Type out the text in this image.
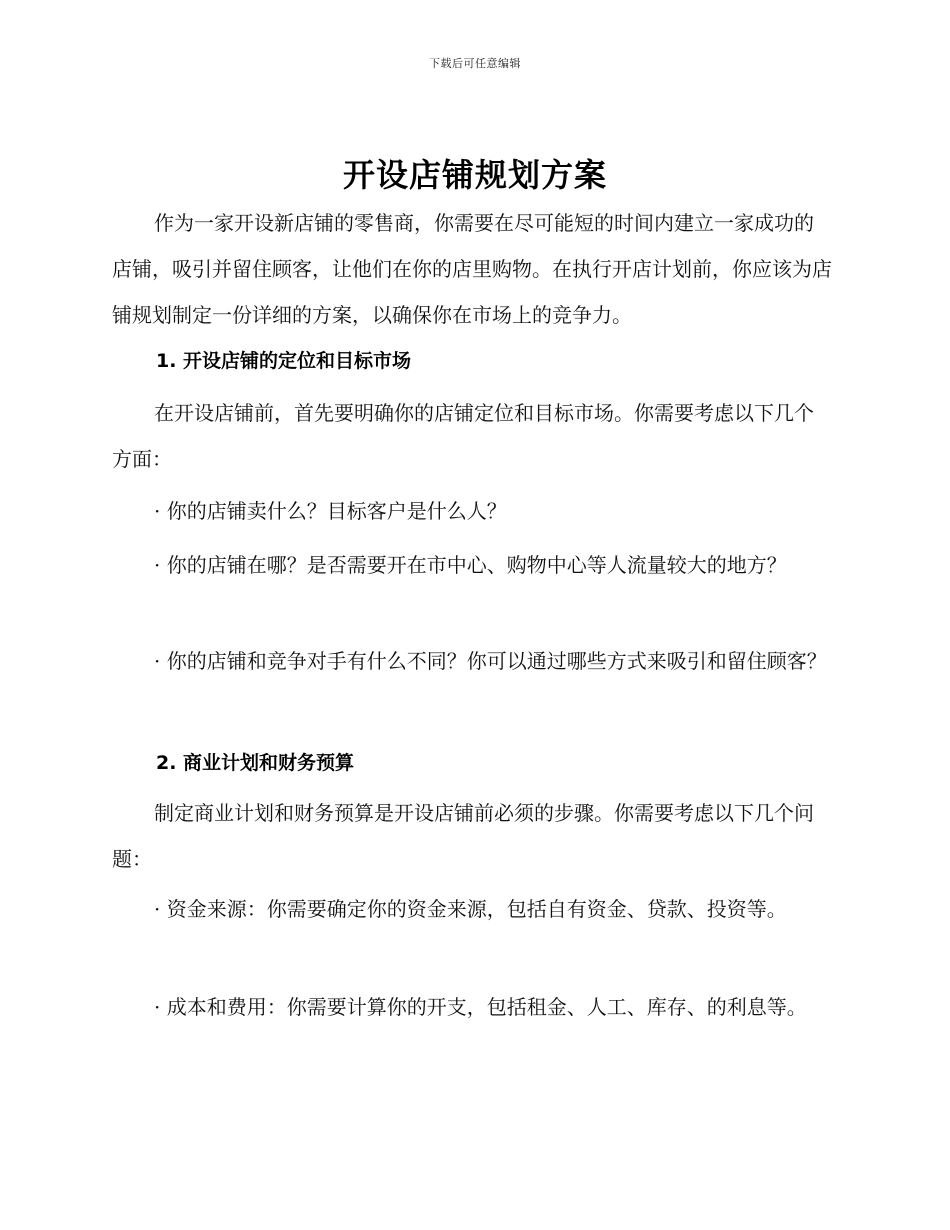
下载后可任意编辑
开设店铺规划方案

作为一家开设新店铺的零售商，你需要在尽可能短的时间内建立一家成功的店铺，吸引并留住顾客，让他们在你的店里购物。在执行开店计划前，你应该为店铺规划制定一份详细的方案，以确保你在市场上的竞争力。

1. 开设店铺的定位和目标市场

在开设店铺前，首先要明确你的店铺定位和目标市场。你需要考虑以下几个方面：

· 你的店铺卖什么？目标客户是什么人？

· 你的店铺在哪？是否需要开在市中心、购物中心等人流量较大的地方？

· 你的店铺和竞争对手有什么不同？你可以通过哪些方式来吸引和留住顾客？

2. 商业计划和财务预算

制定商业计划和财务预算是开设店铺前必须的步骤。你需要考虑以下几个问题：

· 资金来源：你需要确定你的资金来源，包括自有资金、贷款、投资等。

· 成本和费用：你需要计算你的开支，包括租金、人工、库存、的利息等。
